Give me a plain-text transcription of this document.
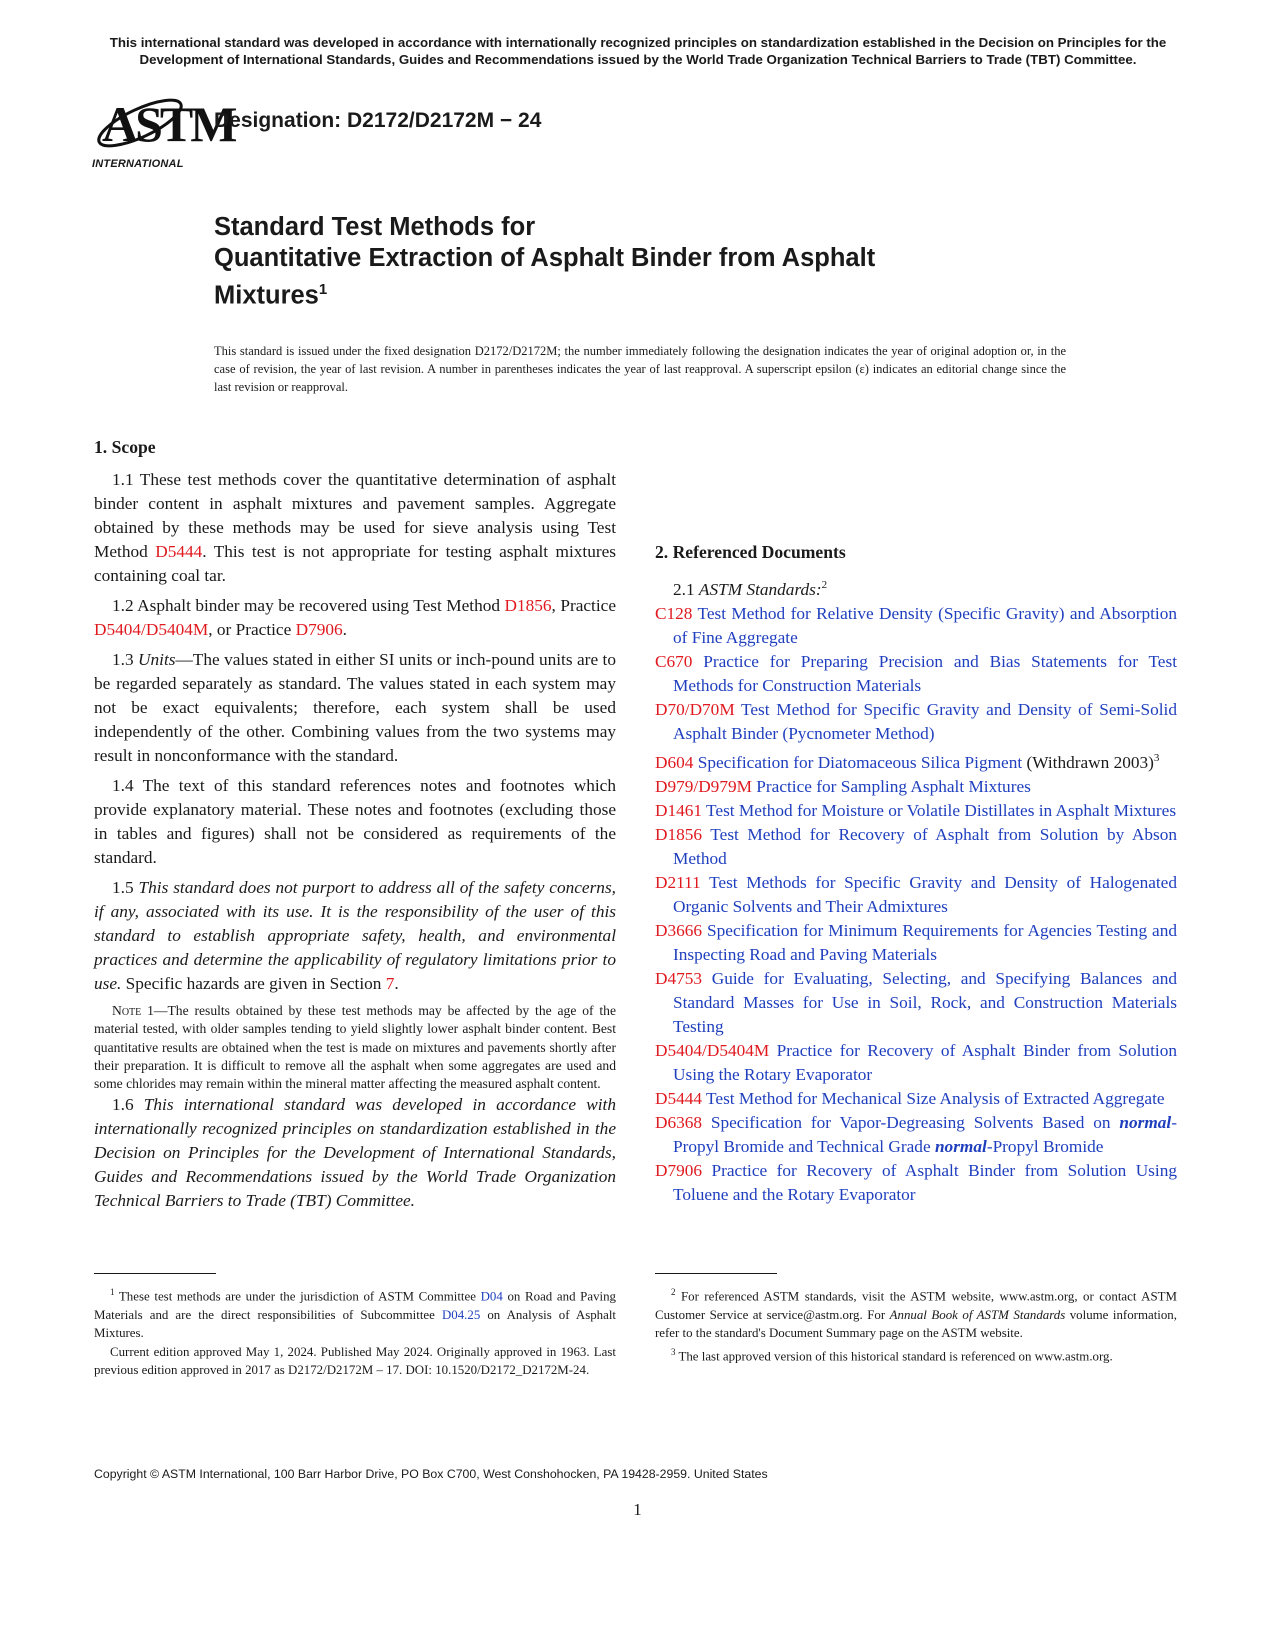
This international standard was developed in accordance with internationally recognized principles on standardization established in the Decision on Principles for the Development of International Standards, Guides and Recommendations issued by the World Trade Organization Technical Barriers to Trade (TBT) Committee.
ASTM
INTERNATIONAL
Designation: D2172/D2172M − 24
Standard Test Methods for
Quantitative Extraction of Asphalt Binder from Asphalt
Mixtures$^1$
This standard is issued under the fixed designation D2172/D2172M; the number immediately following the designation indicates the year of original adoption or, in the case of revision, the year of last revision. A number in parentheses indicates the year of last reapproval. A superscript epsilon (ε) indicates an editorial change since the last revision or reapproval.
1. Scope

1.1 These test methods cover the quantitative determination of asphalt binder content in asphalt mixtures and pavement samples. Aggregate obtained by these methods may be used for sieve analysis using Test Method D5444. This test is not appropriate for testing asphalt mixtures containing coal tar.

1.2 Asphalt binder may be recovered using Test Method D1856, Practice D5404/D5404M, or Practice D7906.

1.3 Units—The values stated in either SI units or inch-pound units are to be regarded separately as standard. The values stated in each system may not be exact equivalents; therefore, each system shall be used independently of the other. Combining values from the two systems may result in nonconformance with the standard.

1.4 The text of this standard references notes and footnotes which provide explanatory material. These notes and footnotes (excluding those in tables and figures) shall not be considered as requirements of the standard.

1.5 This standard does not purport to address all of the safety concerns, if any, associated with its use. It is the responsibility of the user of this standard to establish appropriate safety, health, and environmental practices and determine the applicability of regulatory limitations prior to use. Specific hazards are given in Section 7.

Note 1—The results obtained by these test methods may be affected by the age of the material tested, with older samples tending to yield slightly lower asphalt binder content. Best quantitative results are obtained when the test is made on mixtures and pavements shortly after their preparation. It is difficult to remove all the asphalt when some aggregates are used and some chlorides may remain within the mineral matter affecting the measured asphalt content.

1.6 This international standard was developed in accordance with internationally recognized principles on standardization established in the Decision on Principles for the Development of International Standards, Guides and Recommendations issued by the World Trade Organization Technical Barriers to Trade (TBT) Committee.

2. Referenced Documents

2.1 ASTM Standards:$^2$

C128 Test Method for Relative Density (Specific Gravity) and Absorption of Fine Aggregate

C670 Practice for Preparing Precision and Bias Statements for Test Methods for Construction Materials

D70/D70M Test Method for Specific Gravity and Density of Semi-Solid Asphalt Binder (Pycnometer Method)

D604 Specification for Diatomaceous Silica Pigment (Withdrawn 2003)$^3$

D979/D979M Practice for Sampling Asphalt Mixtures

D1461 Test Method for Moisture or Volatile Distillates in Asphalt Mixtures

D1856 Test Method for Recovery of Asphalt from Solution by Abson Method

D2111 Test Methods for Specific Gravity and Density of Halogenated Organic Solvents and Their Admixtures

D3666 Specification for Minimum Requirements for Agencies Testing and Inspecting Road and Paving Materials

D4753 Guide for Evaluating, Selecting, and Specifying Balances and Standard Masses for Use in Soil, Rock, and Construction Materials Testing

D5404/D5404M Practice for Recovery of Asphalt Binder from Solution Using the Rotary Evaporator

D5444 Test Method for Mechanical Size Analysis of Extracted Aggregate

D6368 Specification for Vapor-Degreasing Solvents Based on normal-Propyl Bromide and Technical Grade normal-Propyl Bromide

D7906 Practice for Recovery of Asphalt Binder from Solution Using Toluene and the Rotary Evaporator

$^1$ These test methods are under the jurisdiction of ASTM Committee D04 on Road and Paving Materials and are the direct responsibilities of Subcommittee D04.25 on Analysis of Asphalt Mixtures.

Current edition approved May 1, 2024. Published May 2024. Originally approved in 1963. Last previous edition approved in 2017 as D2172/D2172M – 17. DOI: 10.1520/D2172_D2172M-24.

$^2$ For referenced ASTM standards, visit the ASTM website, www.astm.org, or contact ASTM Customer Service at service@astm.org. For Annual Book of ASTM Standards volume information, refer to the standard's Document Summary page on the ASTM website.

$^3$ The last approved version of this historical standard is referenced on www.astm.org.

Copyright © ASTM International, 100 Barr Harbor Drive, PO Box C700, West Conshohocken, PA 19428-2959. United States
1
